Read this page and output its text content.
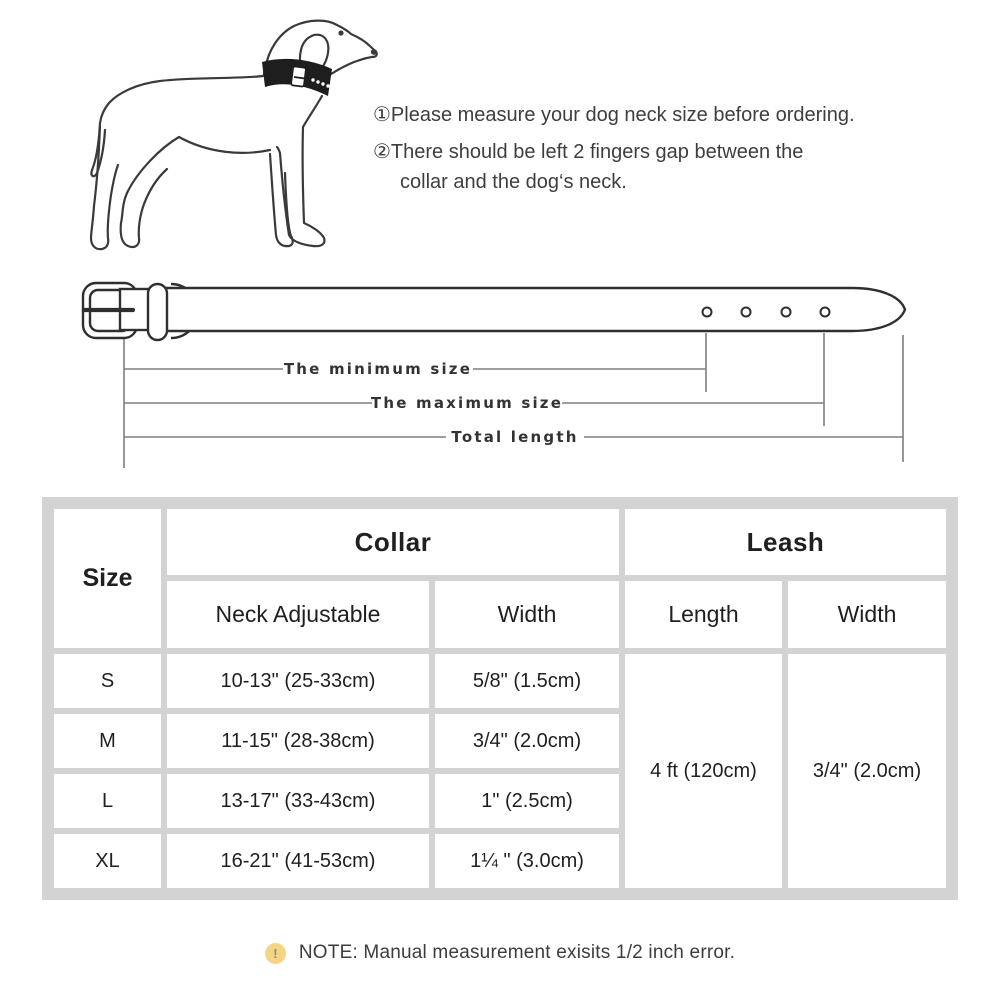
①Please measure your dog neck size before ordering.
②There should be left 2 fingers gap between the
collar and the dog‘s neck.
The minimum size
The maximum size
Total length
Size
Collar	Leash
Neck Adjustable	Width	Length	Width
S	10-13" (25-33cm)	5/8" (1.5cm)
M	11-15" (28-38cm)	3/4" (2.0cm)
L	13-17" (33-43cm)	1" (2.5cm)
XL	16-21" (41-53cm)	1¼ " (3.0cm)
4 ft (120cm)	3/4" (2.0cm)
! NOTE: Manual measurement exisits 1/2 inch error.
